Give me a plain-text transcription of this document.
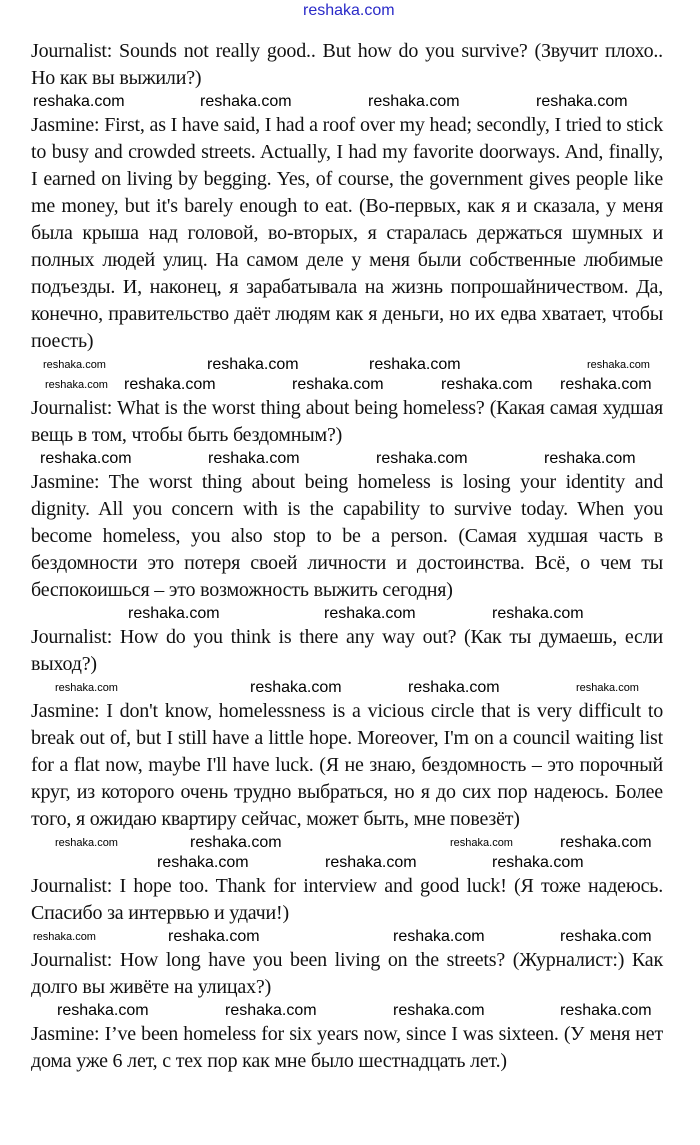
reshaka.com

Journalist: Sounds not really good.. But how do you survive? (Звучит плохо.. Но как вы выжили?)

reshaka.com	reshaka.com	reshaka.com	reshaka.com

Jasmine: First, as I have said, I had a roof over my head; secondly, I tried to stick to busy and crowded streets. Actually, I had my favorite doorways. And, finally, I earned on living by begging. Yes, of course, the government gives people like me money, but it's barely enough to eat. (Во-первых, как я и сказала, у меня была крыша над головой, во-вторых, я старалась держаться шумных и полных людей улиц. На самом деле у меня были собственные любимые подъезды. И, наконец, я зарабатывала на жизнь попрошайничеством. Да, конечно, правительство даёт людям как я деньги, но их едва хватает, чтобы поесть)

reshaka.com	reshaka.com	reshaka.com	reshaka.com
reshaka.com reshaka.com	reshaka.com	reshaka.com reshaka.com

Journalist: What is the worst thing about being homeless? (Какая самая худшая вещь в том, чтобы быть бездомным?)

reshaka.com	reshaka.com	reshaka.com	reshaka.com

Jasmine: The worst thing about being homeless is losing your identity and dignity. All you concern with is the capability to survive today. When you become homeless, you also stop to be a person. (Самая худшая часть в бездомности это потеря своей личности и достоинства. Всё, о чем ты беспокоишься – это возможность выжить сегодня)

reshaka.com	reshaka.com	reshaka.com

Journalist: How do you think is there any way out? (Как ты думаешь, если выход?)

reshaka.com	reshaka.com	reshaka.com	reshaka.com

Jasmine: I don't know, homelessness is a vicious circle that is very difficult to break out of, but I still have a little hope. Moreover, I'm on a council waiting list for a flat now, maybe I'll have luck. (Я не знаю, бездомность – это порочный круг, из которого очень трудно выбраться, но я до сих пор надеюсь. Более того, я ожидаю квартиру сейчас, может быть, мне повезёт)

reshaka.com	reshaka.com	reshaka.com	reshaka.com
reshaka.com	reshaka.com	reshaka.com

Journalist: I hope too. Thank for interview and good luck! (Я тоже надеюсь. Спасибо за интервью и удачи!)

reshaka.com	reshaka.com	reshaka.com	reshaka.com

Journalist: How long have you been living on the streets? (Журналист:) Как долго вы живёте на улицах?)

reshaka.com	reshaka.com	reshaka.com	reshaka.com

Jasmine: I’ve been homeless for six years now, since I was sixteen. (У меня нет дома уже 6 лет, с тех пор как мне было шестнадцать лет.)
